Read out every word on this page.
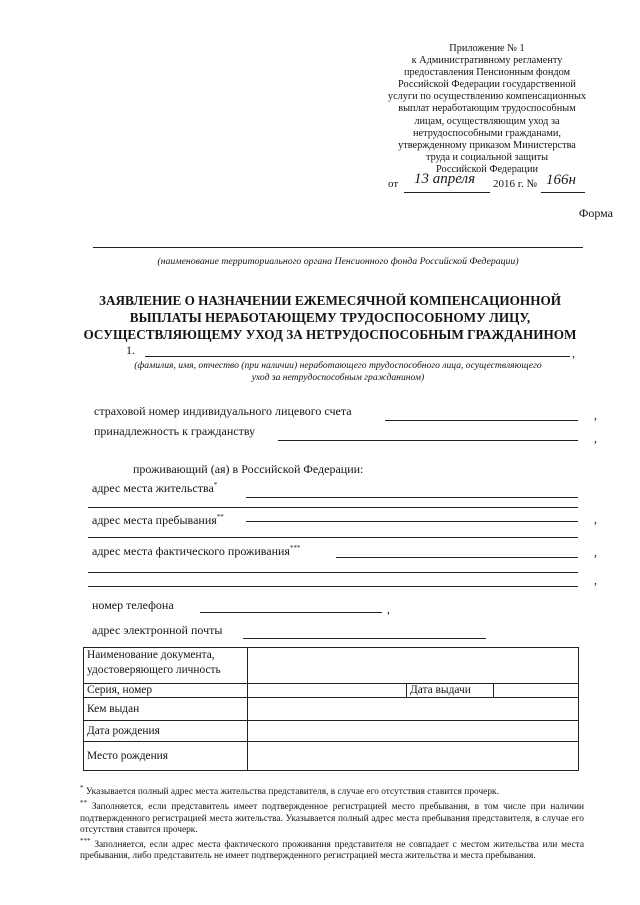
Приложение № 1
к Административному регламенту
предоставления Пенсионным фондом
Российской Федерации государственной
услуги по осуществлению компенсационных
выплат неработающим трудоспособным
лицам, осуществляющим уход за
нетрудоспособными гражданами,
утвержденному приказом Министерства
труда и социальной защиты
Российской Федерации
от 13 апреля 2016 г. № 166н
Форма
(наименование территориального органа Пенсионного фонда Российской Федерации)
ЗАЯВЛЕНИЕ О НАЗНАЧЕНИИ ЕЖЕМЕСЯЧНОЙ КОМПЕНСАЦИОННОЙ
ВЫПЛАТЫ НЕРАБОТАЮЩЕМУ ТРУДОСПОСОБНОМУ ЛИЦУ,
ОСУЩЕСТВЛЯЮЩЕМУ УХОД ЗА НЕТРУДОСПОСОБНЫМ ГРАЖДАНИНОМ
1.	,
(фамилия, имя, отчество (при наличии) неработающего трудоспособного лица, осуществляющего
уход за нетрудоспособным гражданином)
страховой номер индивидуального лицевого счета	,
принадлежность к гражданству	,
проживающий (ая) в Российской Федерации:
адрес места жительства*
адрес места пребывания**	,
адрес места фактического проживания***	,
,
номер телефона	,
адрес электронной почты
Наименование документа,
удостоверяющего личность			

Серия, номер		Дата выдачи	
Кем выдан			
Дата рождения			
Место рождения			

* Указывается полный адрес места жительства представителя, в случае его отсутствия ставится прочерк.

** Заполняется, если представитель имеет подтвержденное регистрацией место пребывания, в том числе при наличии подтвержденного регистрацией места жительства. Указывается полный адрес места пребывания представителя, в случае его отсутствия ставится прочерк.

*** Заполняется, если адрес места фактического проживания представителя не совпадает с местом жительства или места пребывания, либо представитель не имеет подтвержденного регистрацией места жительства и места пребывания.
